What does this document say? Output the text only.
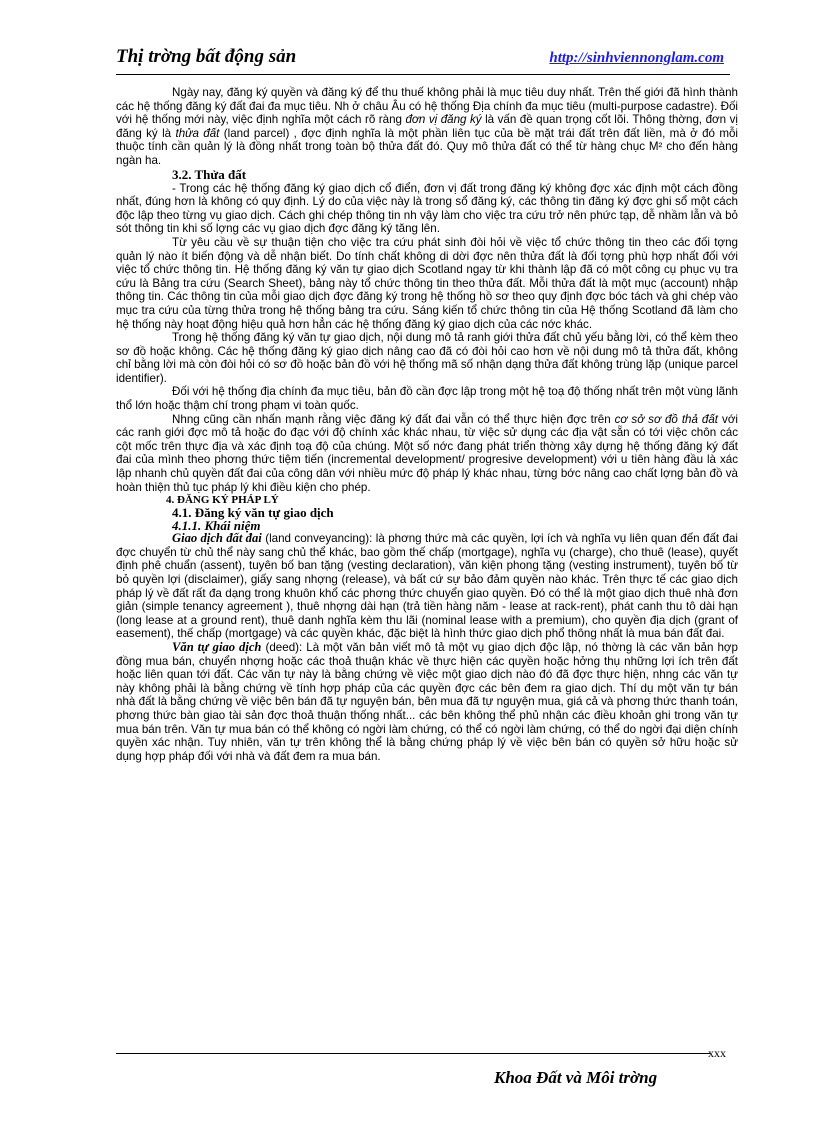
Thị trờng bất động sản	http://sinhviennonglam.com

Ngày nay, đăng ký quyền và đăng ký để thu thuế không phải là mục tiêu duy nhất. Trên thế giới đã hình thành các hệ thống đăng ký đất đai đa mục tiêu. Nh ở châu Âu có hệ thống Địa chính đa mục tiêu (multi-purpose cadastre). Đối với hệ thống mới này, việc định nghĩa một cách rõ ràng đơn vị đăng ký là vấn đề quan trọng cốt lõi. Thông thờng, đơn vị đăng ký là thửa đất (land parcel) , đợc định nghĩa là một phần liên tục của bề mặt trái đất trên đất liền, mà ở đó mỗi thuộc tính cần quản lý là đồng nhất trong toàn bộ thửa đất đó. Quy mô thửa đất có thể từ hàng chục M² cho đến hàng ngàn ha.

3.2. Thửa đất

- Trong các hệ thống đăng ký giao dịch cổ điển, đơn vị đất trong đăng ký không đợc xác định một cách đồng nhất, đúng hơn là không có quy định. Lý do của việc này là trong sổ đăng ký, các thông tin đăng ký đợc ghi sổ một cách độc lập theo từng vụ giao dịch. Cách ghi chép thông tin nh vậy làm cho việc tra cứu trở nên phức tạp, dễ nhầm lẫn và bỏ sót thông tin khi số lợng các vụ giao dịch đợc đăng ký tăng lên.

Từ yêu cầu về sự thuận tiện cho việc tra cứu phát sinh đòi hỏi về việc tổ chức thông tin theo các đối tợng quản lý nào ít biến động và dễ nhận biết. Do tính chất không di dời đợc nên thửa đất là đối tợng phù hợp nhất đối với việc tổ chức thông tin. Hệ thống đăng ký văn tự giao dịch Scotland ngay từ khi thành lập đã có một công cụ phục vụ tra cứu là Bảng tra cứu (Search Sheet), bảng này tổ chức thông tin theo thửa đất. Mỗi thửa đất là một mục (account) nhập thông tin. Các thông tin của mỗi giao dịch đợc đăng ký trong hệ thống hồ sơ theo quy định đợc bóc tách và ghi chép vào mục tra cứu của từng thửa trong hệ thống bảng tra cứu. Sáng kiến tổ chức thông tin của Hệ thống Scotland đã làm cho hệ thống này hoạt động hiệu quả hơn hẳn các hệ thống đăng ký giao dịch của các nớc khác.

Trong hệ thống đăng ký văn tự giao dịch, nội dung mô tả ranh giới thửa đất chủ yếu bằng lời, có thể kèm theo sơ đồ hoặc không. Các hệ thống đăng ký giao dịch nâng cao đã có đòi hỏi cao hơn về nội dung mô tả thửa đất, không chỉ bằng lời mà còn đòi hỏi có sơ đồ hoặc bản đồ với hệ thống mã số nhận dạng thửa đất không trùng lặp (unique parcel identifier).

Đối với hệ thống địa chính đa mục tiêu, bản đồ cần đợc lập trong một hệ toạ độ thống nhất trên một vùng lãnh thổ lớn hoặc thậm chí trong phạm vi toàn quốc.

Nhng cũng cần nhấn mạnh rằng việc đăng ký đất đai vẫn có thể thực hiện đợc trên cơ sở sơ đồ thả đất với các ranh giới đợc mô tả hoặc đo đạc với độ chính xác khác nhau, từ việc sử dụng các địa vật sẵn có tới việc chôn các cột mốc trên thực địa và xác định toạ độ của chúng. Một số nớc đang phát triển thờng xây dựng hệ thống đăng ký đất đai của mình theo phơng thức tiệm tiến (incremental development/ progresive development) với u tiên hàng đầu là xác lập nhanh chủ quyền đất đai của công dân với nhiều mức độ pháp lý khác nhau, từng bớc nâng cao chất lợng bản đồ và hoàn thiện thủ tục pháp lý khi điều kiện cho phép.

4. ĐĂNG KÝ PHÁP LÝ
4.1. Đăng ký văn tự giao dịch
4.1.1. Khái niệm

Giao dịch đất đai (land conveyancing): là phơng thức mà các quyền, lợi ích và nghĩa vụ liên quan đến đất đai đợc chuyển từ chủ thể này sang chủ thể khác, bao gồm thế chấp (mortgage), nghĩa vụ (charge), cho thuê (lease), quyết định phê chuẩn (assent), tuyên bố ban tặng (vesting declaration), văn kiện phong tặng (vesting instrument), tuyên bố từ bỏ quyền lợi (disclaimer), giấy sang nhợng (release), và bất cứ sự bảo đảm quyền nào khác. Trên thực tế các giao dịch pháp lý về đất rất đa dạng trong khuôn khổ các phơng thức chuyển giao quyền. Đó có thể là một giao dịch thuê nhà đơn giản (simple tenancy agreement ), thuê nhợng dài hạn (trả tiền hàng năm - lease at rack-rent), phát canh thu tô dài hạn (long lease at a ground rent), thuê danh nghĩa kèm thu lãi (nominal lease with a premium), cho quyền địa dịch (grant of easement), thế chấp (mortgage) và các quyền khác, đặc biệt là hình thức giao dịch phổ thông nhất là mua bán đất đai.

Văn tự giao dịch (deed): Là một văn bản viết mô tả một vụ giao dịch độc lập, nó thờng là các văn bản hợp đồng mua bán, chuyển nhợng hoặc các thoả thuận khác về thực hiện các quyền hoặc hởng thụ những lợi ích trên đất hoặc liên quan tới đất. Các văn tự này là bằng chứng về việc một giao dịch nào đó đã đợc thực hiện, nhng các văn tự này không phải là bằng chứng về tính hợp pháp của các quyền đợc các bên đem ra giao dịch. Thí dụ một văn tự bán nhà đất là bằng chứng về việc bên bán đã tự nguyện bán, bên mua đã tự nguyện mua, giá cả và phơng thức thanh toán, phơng thức bàn giao tài sản đợc thoả thuận thống nhất... các bên không thể phủ nhận các điều khoản ghi trong văn tự mua bán trên. Văn tự mua bán có thể không có ngời làm chứng, có thể có ngời làm chứng, có thể do ngời đại diện chính quyền xác nhận. Tuy nhiên, văn tự trên không thể là bằng chứng pháp lý về việc bên bán có quyền sở hữu hoặc sử dụng hợp pháp đối với nhà và đất đem ra mua bán.

xxx
Khoa Đất và Môi trờng
